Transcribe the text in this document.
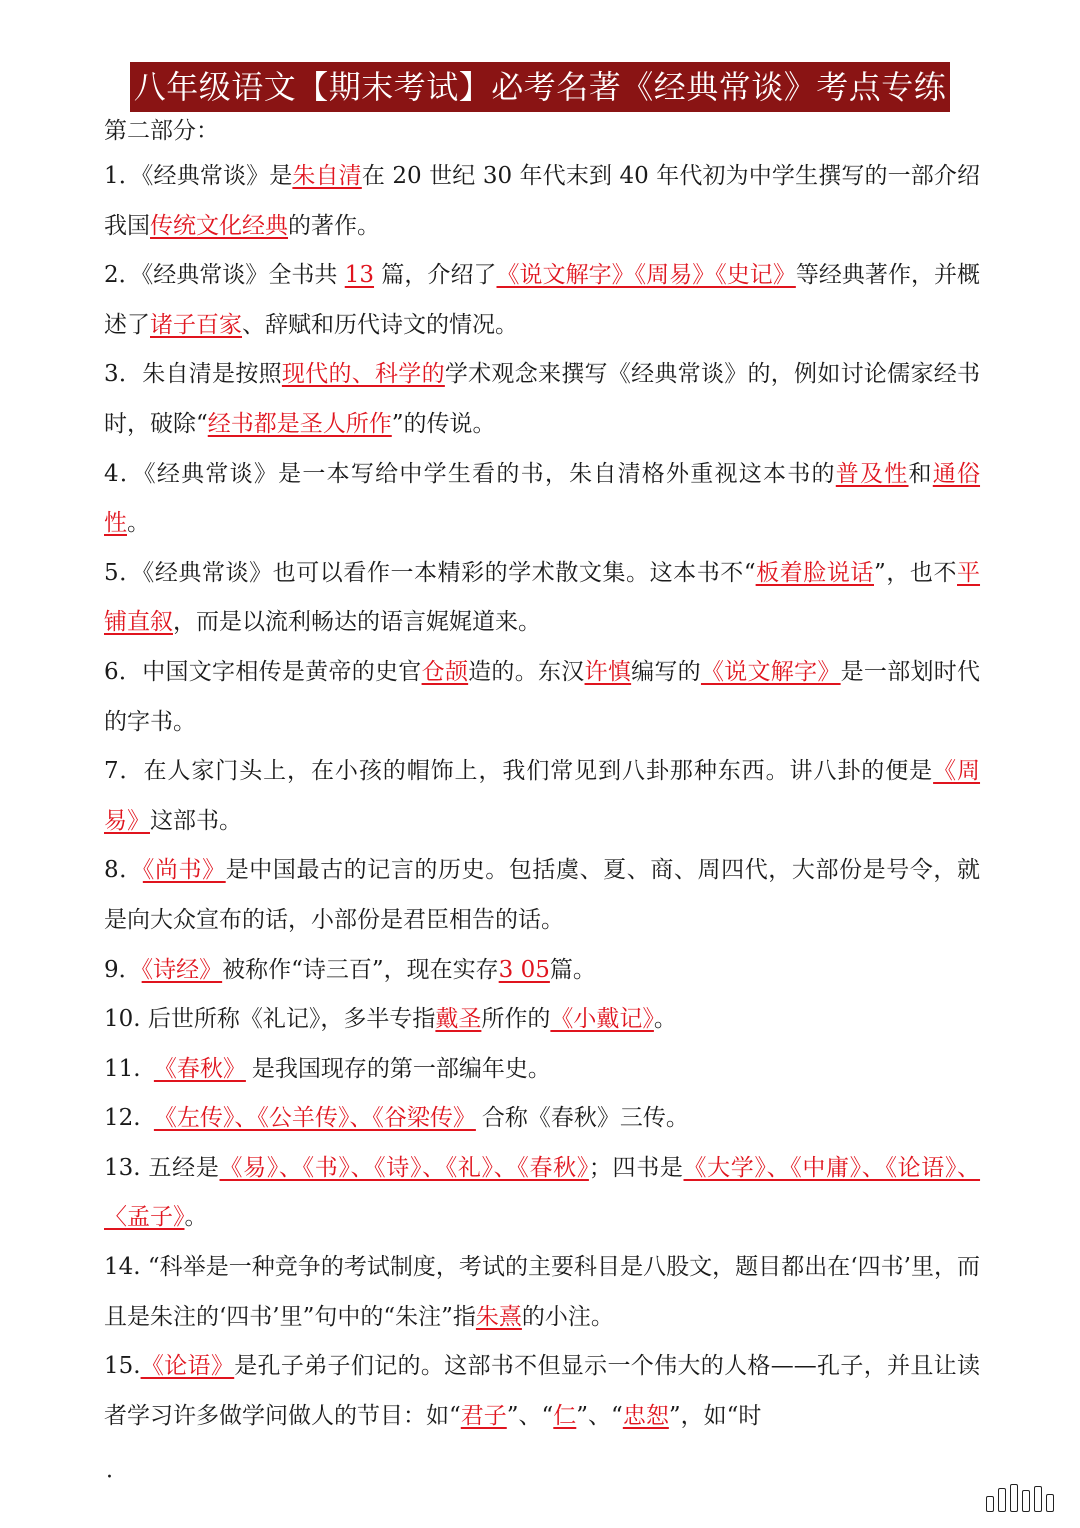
八年级语文【期末考试】必考名著《经典常谈》考点专练
第二部分：

1．《经典常谈》是朱自清在 20 世纪 30 年代末到 40 年代初为中学生撰写的一部介绍我国传统文化经典的著作。

2．《经典常谈》全书共 13 篇，介绍了《说文解字》《周易》《史记》等经典著作，并概述了诸子百家、辞赋和历代诗文的情况。

3．朱自清是按照现代的、科学的学术观念来撰写《经典常谈》的，例如讨论儒家经书时，破除“经书都是圣人所作”的传说。

4．《经典常谈》是一本写给中学生看的书，朱自清格外重视这本书的普及性和通俗性。

5．《经典常谈》也可以看作一本精彩的学术散文集。这本书不“板着脸说话”，也不平铺直叙，而是以流利畅达的语言娓娓道来。

6．中国文字相传是黄帝的史官仓颉造的。东汉许慎编写的《说文解字》是一部划时代的字书。

7．在人家门头上，在小孩的帽饰上，我们常见到八卦那种东西。讲八卦的便是《周易》这部书。

8．《尚书》是中国最古的记言的历史。包括虞、夏、商、周四代，大部份是号令，就是向大众宣布的话，小部份是君臣相告的话。

9．《诗经》被称作“诗三百”，现在实存3 05篇。

10. 后世所称《礼记》，多半专指戴圣所作的《小戴记》。

11. 《春秋》 是我国现存的第一部编年史。

12. 《左传》、《公羊传》、《谷梁传》 合称《春秋》三传。

13. 五经是《易》、《书》、《诗》、《礼》、《春秋》；四书是《大学》、《中庸》、《论语》、〈孟子》。

14. “科举是一种竞争的考试制度，考试的主要科目是八股文，题目都出在‘四书’里，而且是朱注的‘四书’里”句中的“朱注”指朱熹的小注。

15.《论语》是孔子弟子们记的。这部书不但显示一个伟大的人格——孔子，并且让读者学习许多做学问做人的节目：如“君子”、“仁”、“忠恕”，如“时

·
